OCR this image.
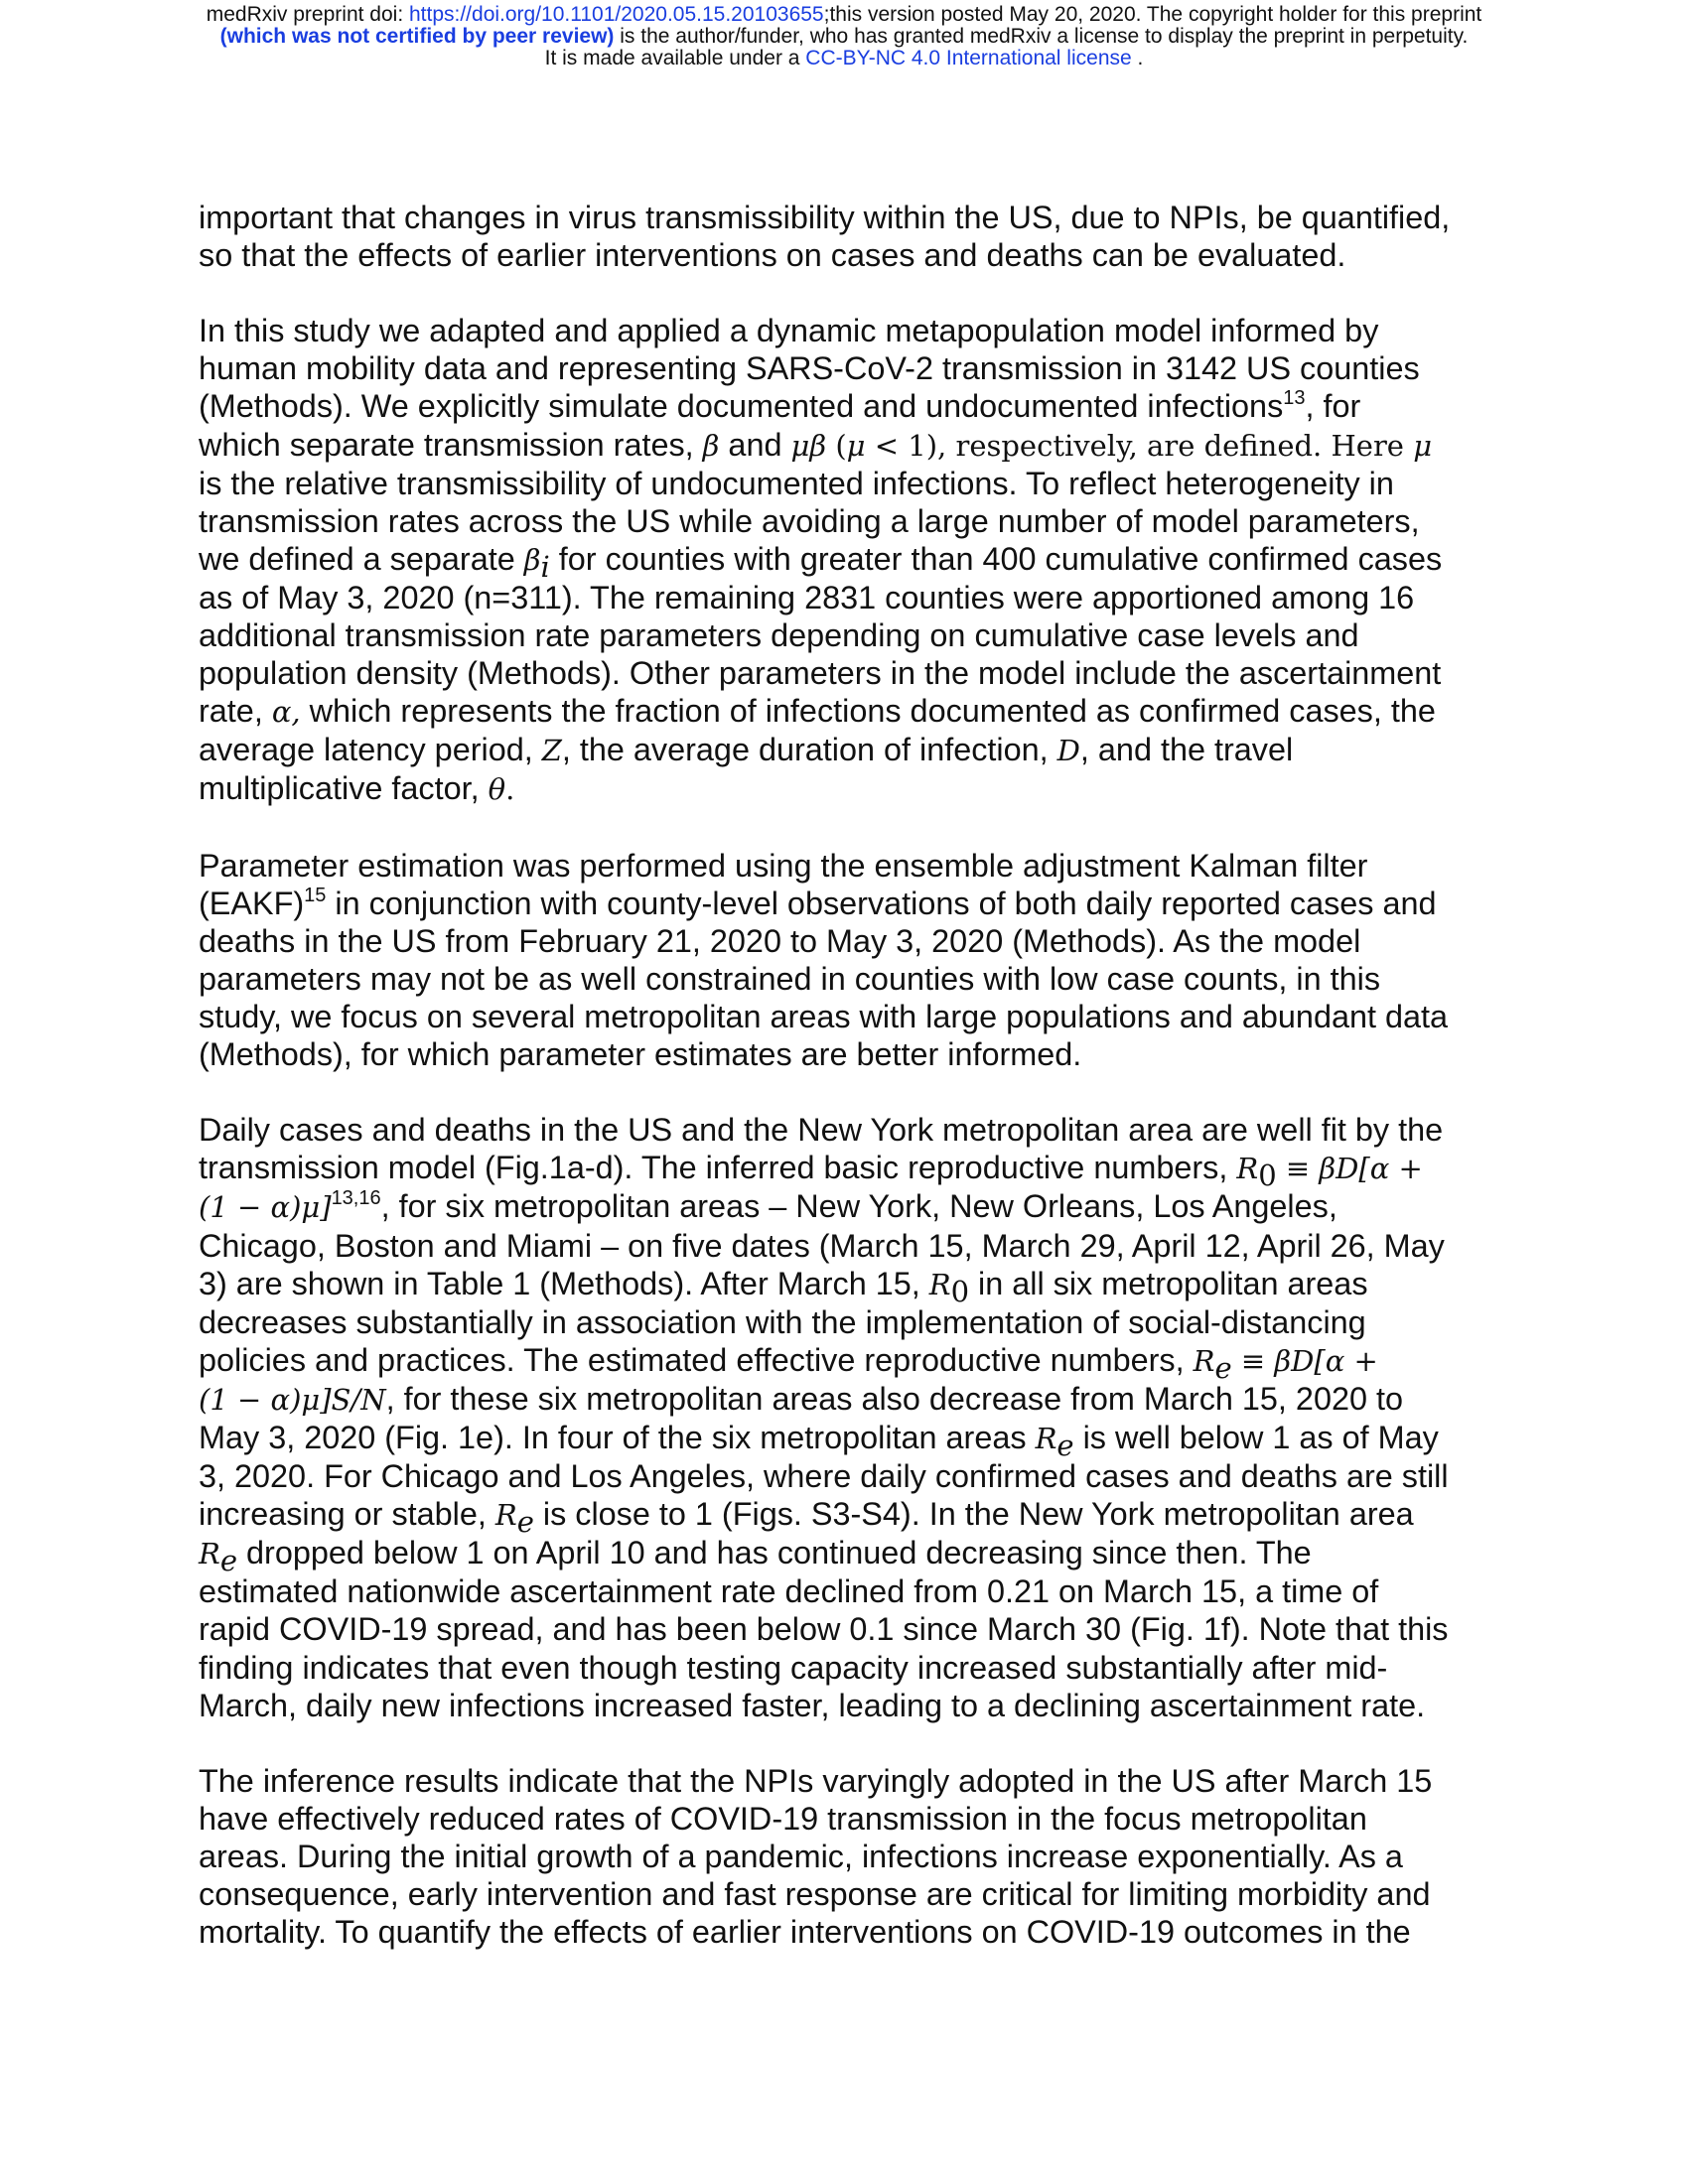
medRxiv preprint doi: https://doi.org/10.1101/2020.05.15.20103655;this version posted May 20, 2020. The copyright holder for this preprint
(which was not certified by peer review) is the author/funder, who has granted medRxiv a license to display the preprint in perpetuity.
It is made available under a CC-BY-NC 4.0 International license .

important that changes in virus transmissibility within the US, due to NPIs, be quantified,
so that the effects of earlier interventions on cases and deaths can be evaluated.

In this study we adapted and applied a dynamic metapopulation model informed by
human mobility data and representing SARS-CoV-2 transmission in 3142 US counties
(Methods). We explicitly simulate documented and undocumented infections$^{13}$, for
which separate transmission rates, β and μβ (μ < 1), respectively, are defined. Here μ
is the relative transmissibility of undocumented infections. To reflect heterogeneity in
transmission rates across the US while avoiding a large number of model parameters,
we defined a separate $\beta_i$ for counties with greater than 400 cumulative confirmed cases
as of May 3, 2020 (n=311). The remaining 2831 counties were apportioned among 16
additional transmission rate parameters depending on cumulative case levels and
population density (Methods). Other parameters in the model include the ascertainment
rate, α, which represents the fraction of infections documented as confirmed cases, the
average latency period, Z, the average duration of infection, D, and the travel
multiplicative factor, θ.

Parameter estimation was performed using the ensemble adjustment Kalman filter
(EAKF)$^{15}$ in conjunction with county-level observations of both daily reported cases and
deaths in the US from February 21, 2020 to May 3, 2020 (Methods). As the model
parameters may not be as well constrained in counties with low case counts, in this
study, we focus on several metropolitan areas with large populations and abundant data
(Methods), for which parameter estimates are better informed.

Daily cases and deaths in the US and the New York metropolitan area are well fit by the
transmission model (Fig.1a-d). The inferred basic reproductive numbers, $R_0 \equiv \beta D[\alpha$ +
(1 − α)μ]$^{13,16}$, for six metropolitan areas – New York, New Orleans, Los Angeles,
Chicago, Boston and Miami – on five dates (March 15, March 29, April 12, April 26, May
3) are shown in Table 1 (Methods). After March 15, $R_0$ in all six metropolitan areas
decreases substantially in association with the implementation of social-distancing
policies and practices. The estimated effective reproductive numbers, $R_e \equiv \beta D[\alpha$ +
(1 − α)μ]S/N, for these six metropolitan areas also decrease from March 15, 2020 to
May 3, 2020 (Fig. 1e). In four of the six metropolitan areas $R_e$ is well below 1 as of May
3, 2020. For Chicago and Los Angeles, where daily confirmed cases and deaths are still
increasing or stable, $R_e$ is close to 1 (Figs. S3-S4). In the New York metropolitan area
$R_e$ dropped below 1 on April 10 and has continued decreasing since then. The
estimated nationwide ascertainment rate declined from 0.21 on March 15, a time of
rapid COVID-19 spread, and has been below 0.1 since March 30 (Fig. 1f). Note that this
finding indicates that even though testing capacity increased substantially after mid-
March, daily new infections increased faster, leading to a declining ascertainment rate.

The inference results indicate that the NPIs varyingly adopted in the US after March 15
have effectively reduced rates of COVID-19 transmission in the focus metropolitan
areas. During the initial growth of a pandemic, infections increase exponentially. As a
consequence, early intervention and fast response are critical for limiting morbidity and
mortality. To quantify the effects of earlier interventions on COVID-19 outcomes in the
